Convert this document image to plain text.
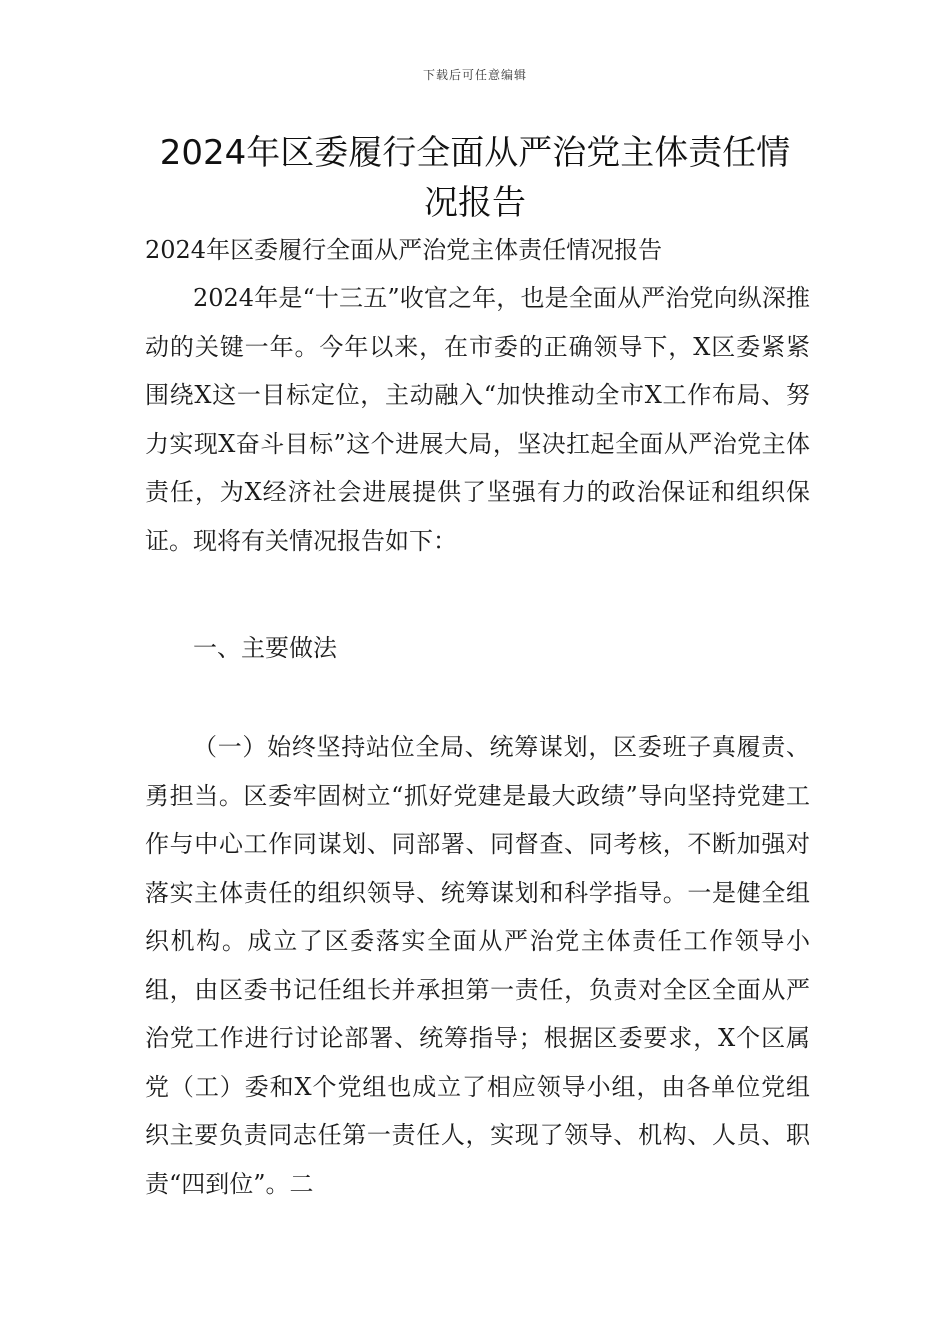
下载后可任意编辑
2024年区委履行全面从严治党主体责任情况报告

2024年区委履行全面从严治党主体责任情况报告

2024年是“十三五”收官之年，也是全面从严治党向纵深推动的关键一年。今年以来，在市委的正确领导下，X区委紧紧围绕X这一目标定位，主动融入“加快推动全市X工作布局、努力实现X奋斗目标”这个进展大局，坚决扛起全面从严治党主体责任，为X经济社会进展提供了坚强有力的政治保证和组织保证。现将有关情况报告如下：

一、主要做法

（一）始终坚持站位全局、统筹谋划，区委班子真履责、勇担当。区委牢固树立“抓好党建是最大政绩”导向坚持党建工作与中心工作同谋划、同部署、同督查、同考核，不断加强对落实主体责任的组织领导、统筹谋划和科学指导。一是健全组织机构。成立了区委落实全面从严治党主体责任工作领导小组，由区委书记任组长并承担第一责任，负责对全区全面从严治党工作进行讨论部署、统筹指导；根据区委要求，X个区属党（工）委和X个党组也成立了相应领导小组，由各单位党组织主要负责同志任第一责任人，实现了领导、机构、人员、职责“四到位”。二
